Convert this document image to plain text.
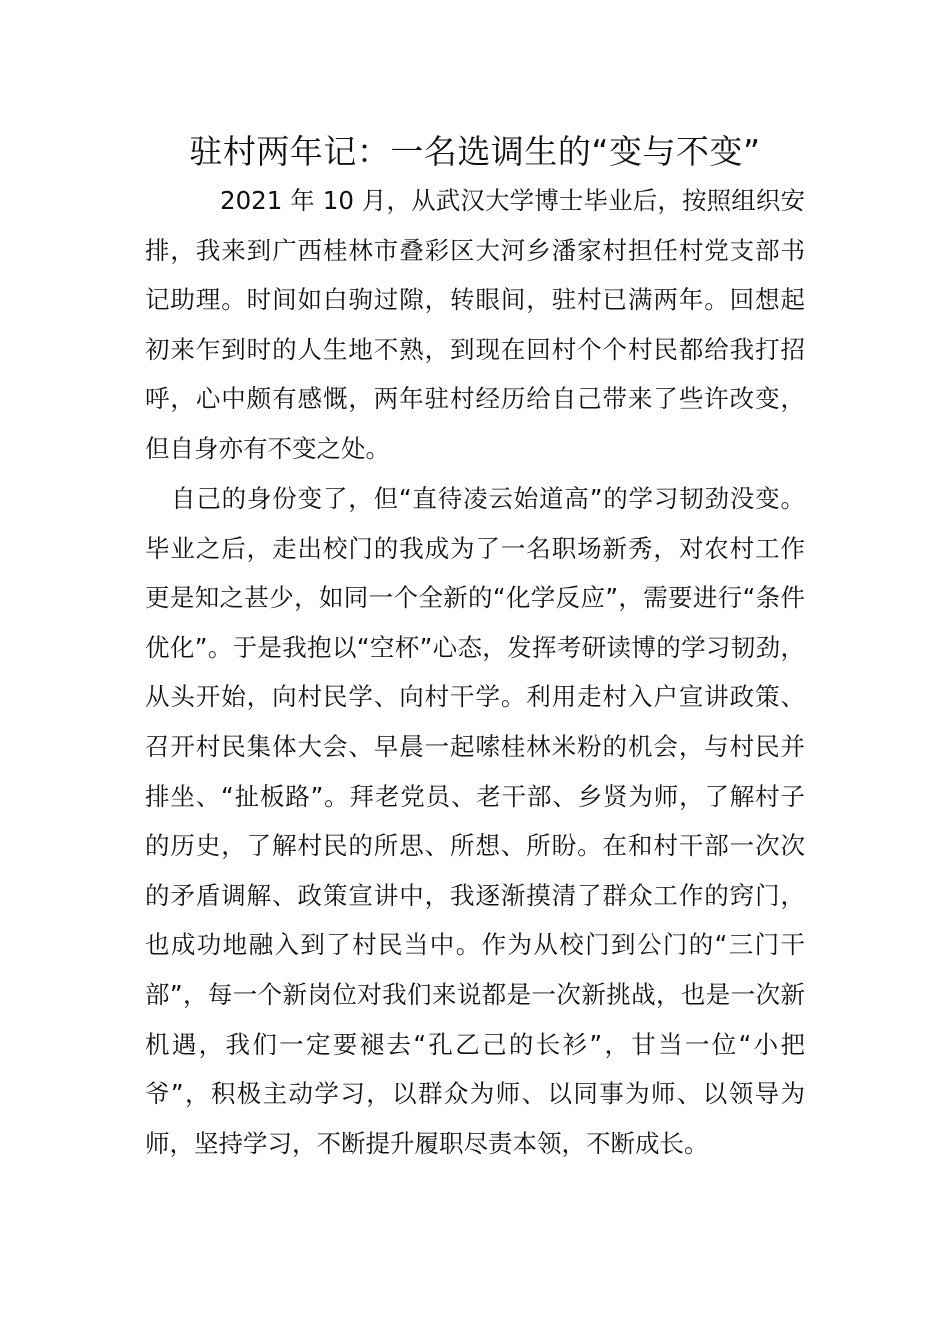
驻村两年记：一名选调生的“变与不变”

2021 年 10 月，从武汉大学博士毕业后，按照组织安排，我来到广西桂林市叠彩区大河乡潘家村担任村党支部书记助理。时间如白驹过隙，转眼间，驻村已满两年。回想起初来乍到时的人生地不熟，到现在回村个个村民都给我打招呼，心中颇有感慨，两年驻村经历给自己带来了些许改变，但自身亦有不变之处。

自己的身份变了，但“直待凌云始道高”的学习韧劲没变。毕业之后，走出校门的我成为了一名职场新秀，对农村工作更是知之甚少，如同一个全新的“化学反应”，需要进行“条件优化”。于是我抱以“空杯”心态，发挥考研读博的学习韧劲，从头开始，向村民学、向村干学。利用走村入户宣讲政策、召开村民集体大会、早晨一起嗦桂林米粉的机会，与村民并排坐、“扯板路”。拜老党员、老干部、乡贤为师，了解村子的历史，了解村民的所思、所想、所盼。在和村干部一次次的矛盾调解、政策宣讲中，我逐渐摸清了群众工作的窍门，也成功地融入到了村民当中。作为从校门到公门的“三门干部”，每一个新岗位对我们来说都是一次新挑战，也是一次新机遇，我们一定要褪去“孔乙己的长衫”，甘当一位“小把爷”，积极主动学习，以群众为师、以同事为师、以领导为师，坚持学习，不断提升履职尽责本领，不断成长。
